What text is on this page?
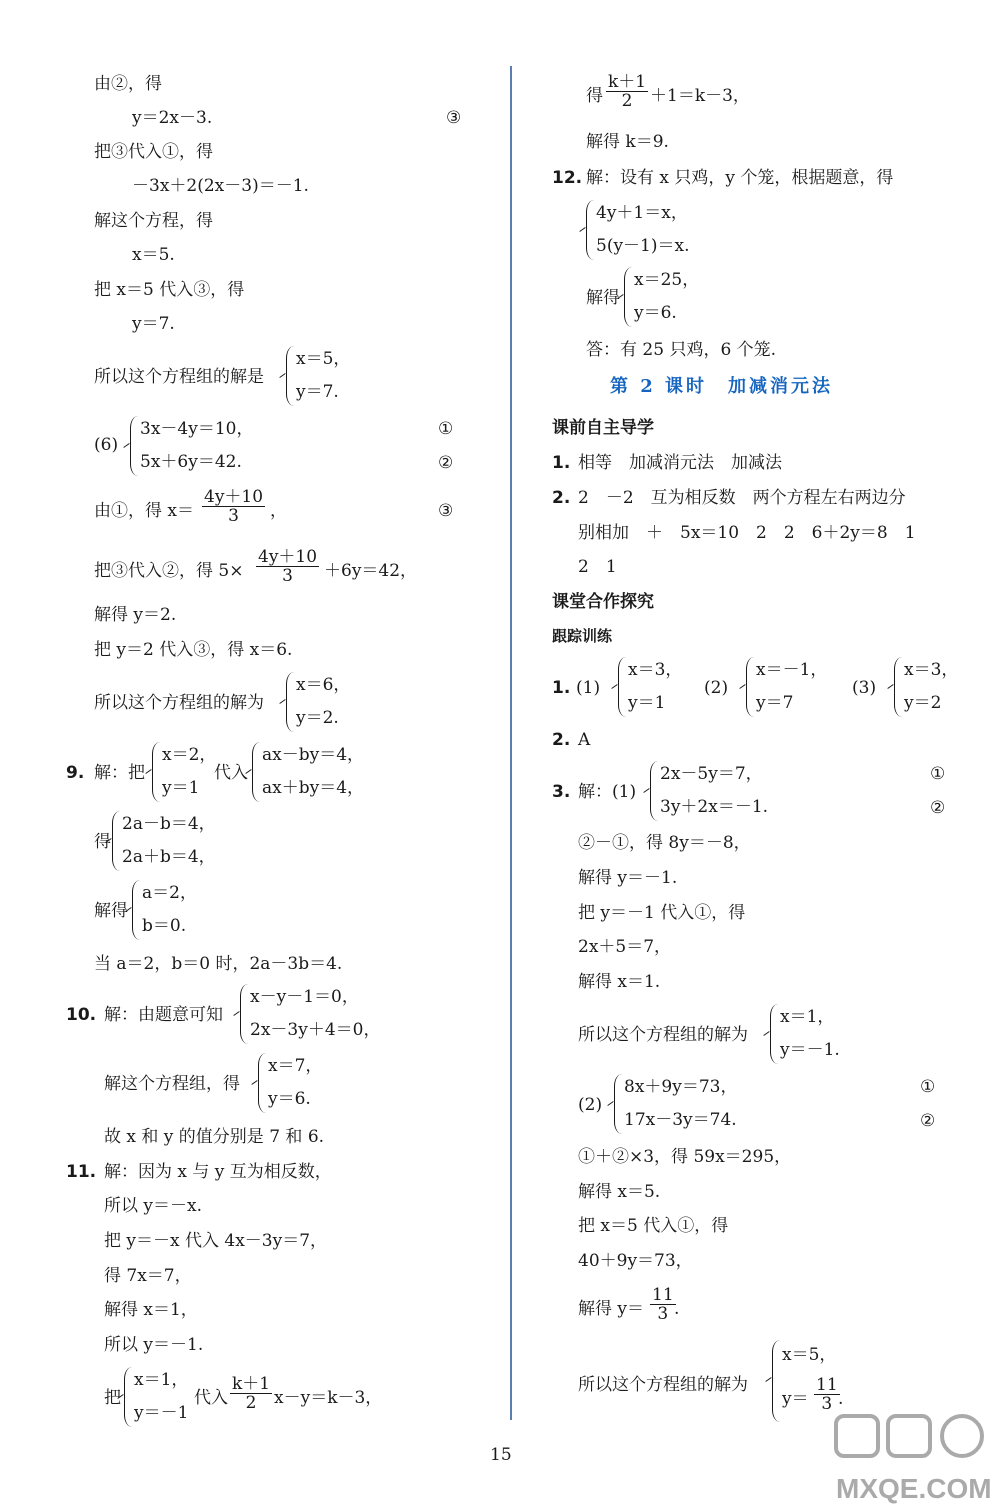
由②，得
y＝2x－3.	③
把③代入①，得
－3x＋2(2x－3)＝－1.
解这个方程，得
x＝5.
把 x＝5 代入③，得
y＝7.
所以这个方程组的解是
x＝5，
y＝7.
(6)
3x－4y＝10，
5x＋6y＝42.
①
②
由①，得 $x= \frac{4y+10}{3}$ ，	③
把③代入②，得 $5\times \frac{4y+10}{3} +6y=42$，
解得 y＝2.
把 y＝2 代入③，得 x＝6.
所以这个方程组的解为
x＝6，
y＝2.
9. 解：把
x＝2，
y＝1
代入
ax－by＝4，
ax＋by＝4，
得
2a－b＝4，
2a＋b＝4，
解得
a＝2，
b＝0.
当 a＝2，b＝0 时，2a－3b＝4.
10. 解：由题意可知
x－y－1＝0，
2x－3y＋4＝0，
解这个方程组，得
x＝7，
y＝6.
故 x 和 y 的值分别是 7 和 6.
11. 解：因为 x 与 y 互为相反数，
所以 y＝－x.
把 y＝－x 代入 4x－3y＝7，
得 7x＝7，
解得 x＝1，
所以 y＝－1.
把
x＝1，
y＝－1
代入 $\frac{k+1}{2} x-y=k-3$，
得 $\frac{k+1}{2} +1=k-3$，
解得 k＝9.
12. 解：设有 x 只鸡，y 个笼，根据题意，得
4y＋1＝x，
5(y－1)＝x.
解得
x＝25，
y＝6.
答：有 25 只鸡，6 个笼.
第 2 课时　加减消元法
课前自主导学
1. 相等　加减消元法　加减法
2. 2　－2　互为相反数　两个方程左右两边分
别相加　＋　5x＝10　2　2　6＋2y＝8　1
2　1
课堂合作探究
跟踪训练
1. (1)
x＝3，
y＝1
(2)
x＝－1，
y＝7
(3)
x＝3，
y＝2
2. A
3. 解：(1)
2x－5y＝7，
3y＋2x＝－1.
①
②
②－①，得 8y＝－8，
解得 y＝－1.
把 y＝－1 代入①，得
2x＋5＝7，
解得 x＝1.
所以这个方程组的解为
x＝1，
y＝－1.
(2)
8x＋9y＝73，
17x－3y＝74.
①
②
①＋②×3，得 59x＝295，
解得 x＝5.
把 x＝5 代入①，得
40＋9y＝73，
解得 $y= \frac{11}{3}$
.
所以这个方程组的解为
x＝5，
$y= \frac{11}{3}$
.
15
MXQE.COM
